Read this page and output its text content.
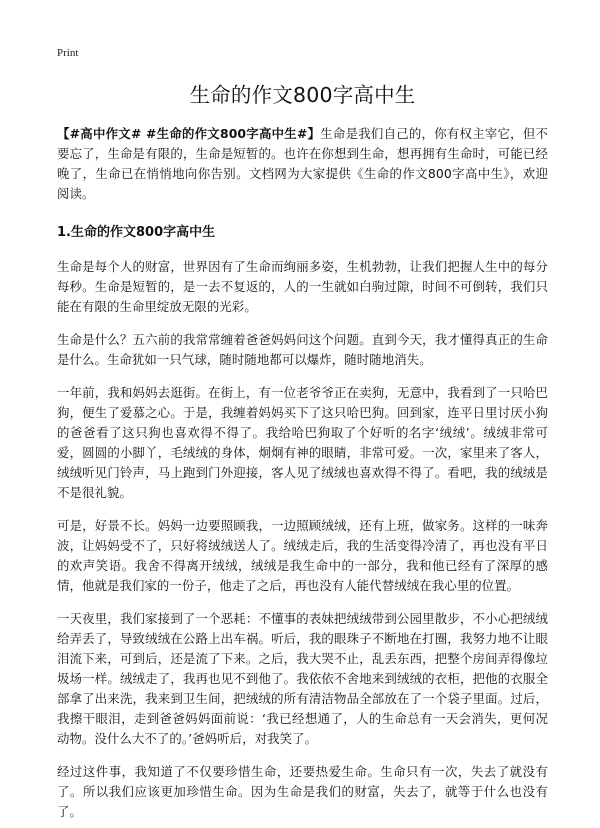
Print
生命的作文800字高中生

【#高中作文# #生命的作文800字高中生#】生命是我们自己的，你有权主宰它，但不要忘了，生命是有限的，生命是短暂的。也许在你想到生命，想再拥有生命时，可能已经晚了，生命已在悄悄地向你告别。文档网为大家提供《生命的作文800字高中生》，欢迎阅读。

1.生命的作文800字高中生

生命是每个人的财富，世界因有了生命而绚丽多姿，生机勃勃，让我们把握人生中的每分每秒。生命是短暂的，是一去不复返的，人的一生就如白驹过隙，时间不可倒转，我们只能在有限的生命里绽放无限的光彩。

生命是什么？五六前的我常常缠着爸爸妈妈问这个问题。直到今天，我才懂得真正的生命是什么。生命犹如一只气球，随时随地都可以爆炸，随时随地消失。

一年前，我和妈妈去逛街。在街上，有一位老爷爷正在卖狗，无意中，我看到了一只哈巴狗，便生了爱慕之心。于是，我缠着妈妈买下了这只哈巴狗。回到家，连平日里讨厌小狗的爸爸看了这只狗也喜欢得不得了。我给哈巴狗取了个好听的名字‘绒绒’。绒绒非常可爱，圆圆的小脚丫，毛绒绒的身体，炯炯有神的眼睛，非常可爱。一次，家里来了客人，绒绒听见门铃声，马上跑到门外迎接，客人见了绒绒也喜欢得不得了。看吧，我的绒绒是不是很礼貌。

可是，好景不长。妈妈一边要照顾我，一边照顾绒绒，还有上班，做家务。这样的一味奔波，让妈妈受不了，只好将绒绒送人了。绒绒走后，我的生活变得冷清了，再也没有平日的欢声笑语。我舍不得离开绒绒，绒绒是我生命中的一部分，我和他已经有了深厚的感情，他就是我们家的一份子，他走了之后，再也没有人能代替绒绒在我心里的位置。

一天夜里，我们家接到了一个恶耗：不懂事的表妹把绒绒带到公园里散步，不小心把绒绒给弄丢了，导致绒绒在公路上出车祸。听后，我的眼珠子不断地在打圈，我努力地不让眼泪流下来，可到后，还是流了下来。之后，我大哭不止，乱丢东西，把整个房间弄得像垃圾场一样。绒绒走了，我再也见不到他了。我依依不舍地来到绒绒的衣柜，把他的衣服全部拿了出来洗，我来到卫生间，把绒绒的所有清洁物品全部放在了一个袋子里面。过后，我擦干眼泪，走到爸爸妈妈面前说：‘我已经想通了，人的生命总有一天会消失，更何况动物。没什么大不了的。’爸妈听后，对我笑了。

经过这件事，我知道了不仅要珍惜生命，还要热爱生命。生命只有一次，失去了就没有了。所以我们应该更加珍惜生命。因为生命是我们的财富，失去了，就等于什么也没有了。
